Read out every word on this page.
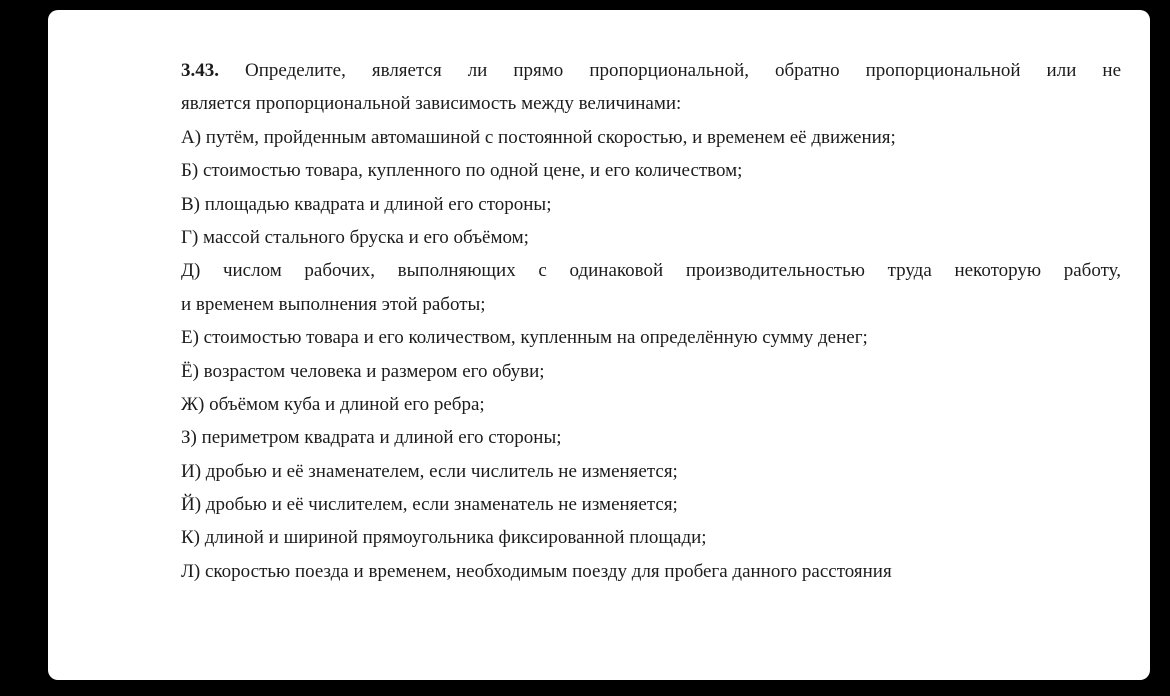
3.43. Определите, является ли прямо пропорциональной, обратно пропорциональной или не
является пропорциональной зависимость между величинами:
А) путём, пройденным автомашиной с постоянной скоростью, и временем её движения;
Б) стоимостью товара, купленного по одной цене, и его количеством;
В) площадью квадрата и длиной его стороны;
Г) массой стального бруска и его объёмом;
Д) числом рабочих, выполняющих с одинаковой производительностью труда некоторую работу,
и временем выполнения этой работы;
Е) стоимостью товара и его количеством, купленным на определённую сумму денег;
Ё) возрастом человека и размером его обуви;
Ж) объёмом куба и длиной его ребра;
З) периметром квадрата и длиной его стороны;
И) дробью и её знаменателем, если числитель не изменяется;
Й) дробью и её числителем, если знаменатель не изменяется;
К) длиной и шириной прямоугольника фиксированной площади;
Л) скоростью поезда и временем, необходимым поезду для пробега данного расстояния
